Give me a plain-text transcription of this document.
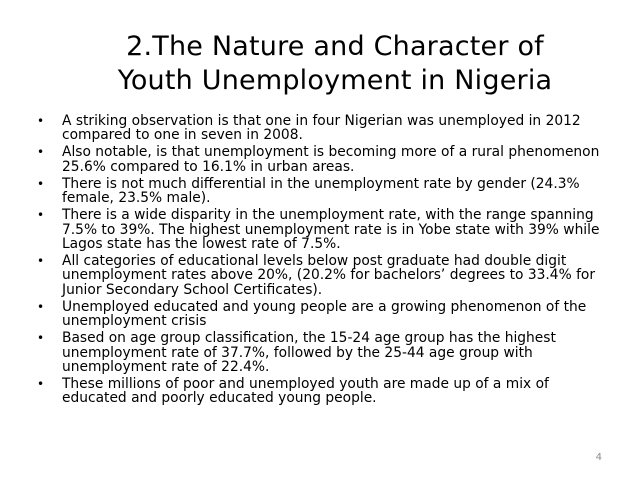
2.The Nature and Character of
Youth Unemployment in Nigeria
• A striking observation is that one in four Nigerian was unemployed in 2012 compared to one in seven in 2008.
• Also notable, is that unemployment is becoming more of a rural phenomenon 25.6% compared to 16.1% in urban areas.
• There is not much differential in the unemployment rate by gender (24.3% female, 23.5% male).
• There is a wide disparity in the unemployment rate, with the range spanning 7.5% to 39%. The highest unemployment rate is in Yobe state with 39% while Lagos state has the lowest rate of 7.5%.
• All categories of educational levels below post graduate had double digit unemployment rates above 20%, (20.2% for bachelors’ degrees to 33.4% for Junior Secondary School Certificates).
• Unemployed educated and young people are a growing phenomenon of the unemployment crisis
• Based on age group classification, the 15-24 age group has the highest unemployment rate of 37.7%, followed by the 25-44 age group with unemployment rate of 22.4%.
• These millions of poor and unemployed youth are made up of a mix of educated and poorly educated young people.
4
